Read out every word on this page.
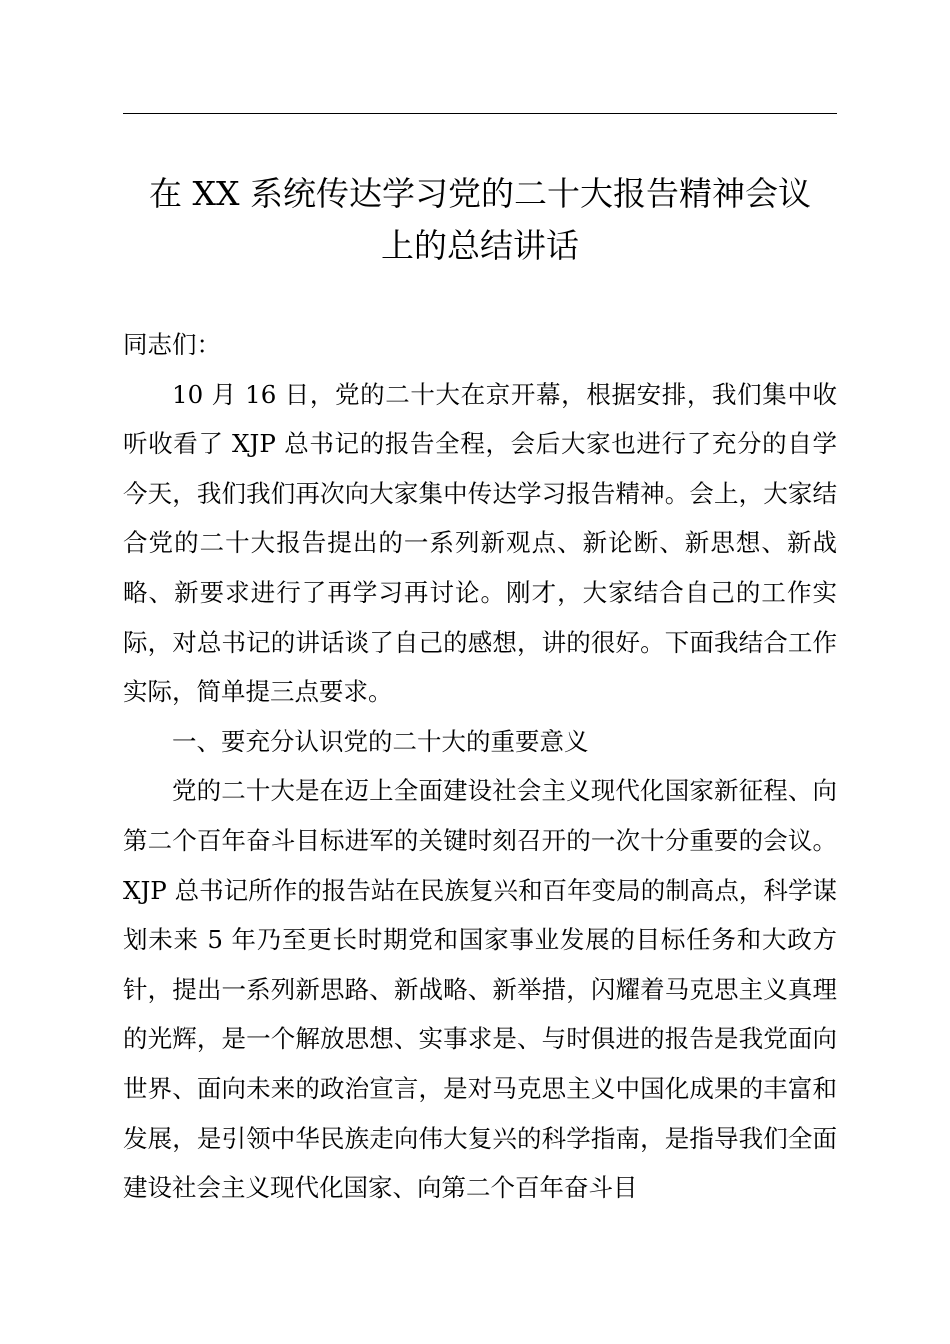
在 XX 系统传达学习党的二十大报告精神会议
上的总结讲话

同志们：

10 月 16 日，党的二十大在京开幕，根据安排，我们集中收听收看了 XJP 总书记的报告全程，会后大家也进行了充分的自学今天，我们我们再次向大家集中传达学习报告精神。会上，大家结合党的二十大报告提出的一系列新观点、新论断、新思想、新战略、新要求进行了再学习再讨论。刚才，大家结合自己的工作实际，对总书记的讲话谈了自己的感想，讲的很好。下面我结合工作实际，简单提三点要求。

一、要充分认识党的二十大的重要意义

党的二十大是在迈上全面建设社会主义现代化国家新征程、向第二个百年奋斗目标进军的关键时刻召开的一次十分重要的会议。XJP 总书记所作的报告站在民族复兴和百年变局的制高点，科学谋划未来 5 年乃至更长时期党和国家事业发展的目标任务和大政方针，提出一系列新思路、新战略、新举措，闪耀着马克思主义真理的光辉，是一个解放思想、实事求是、与时俱进的报告是我党面向世界、面向未来的政治宣言，是对马克思主义中国化成果的丰富和发展，是引领中华民族走向伟大复兴的科学指南，是指导我们全面建设社会主义现代化国家、向第二个百年奋斗目
